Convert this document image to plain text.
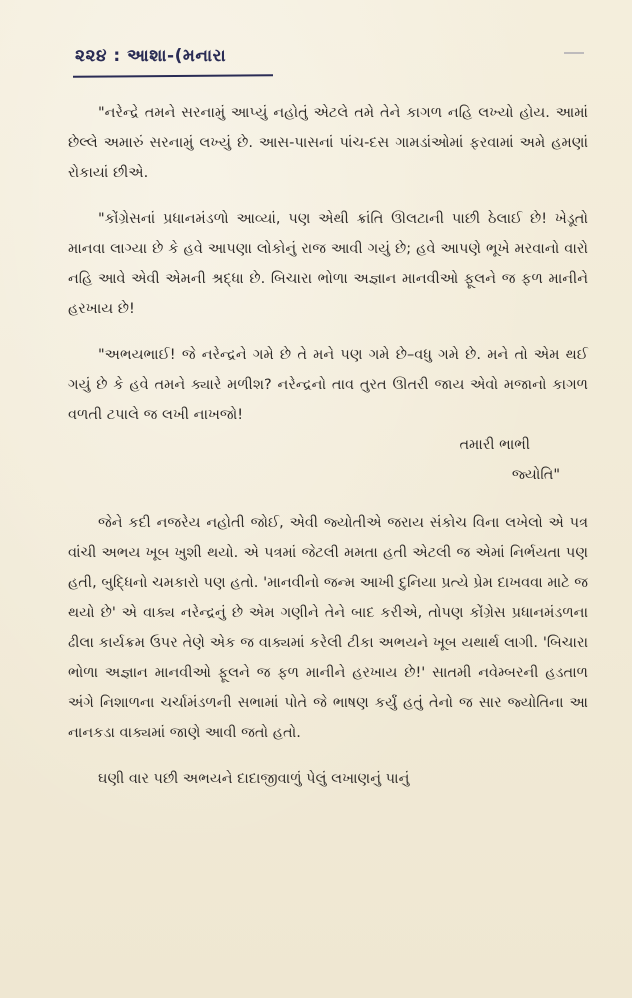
૨૨૪ : આશા-(મનારા

"નરેન્દ્રે તમને સરનામું આપ્યું નહોતું એટલે તમે તેને કાગળ નહિ લખ્યો હોય. આમાં છેલ્લે અમારું સરનામું લખ્યું છે. આસ-પાસનાં પાંચ-દસ ગામડાંઓમાં ફરવામાં અમે હમણાં રોકાયાં છીએ.

"કોંગ્રેસનાં પ્રધાનમંડળો આવ્યાં, પણ એથી ક્રાંતિ ઊલટાની પાછી ઠેલાઈ છે! ખેડૂતો માનવા લાગ્યા છે કે હવે આપણા લોકોનું રાજ આવી ગયું છે; હવે આપણે ભૂખે મરવાનો વારો નહિ આવે એવી એમની શ્રદ્ધા છે. બિચારા ભોળા અજ્ઞાન માનવીઓ ફૂલને જ ફળ માનીને હરખાય છે!

"અભયભાઈ! જે નરેન્દ્રને ગમે છે તે મને પણ ગમે છે–વધુ ગમે છે. મને તો એમ થઈ ગયું છે કે હવે તમને ક્યારે મળીશ? નરેન્દ્રનો તાવ તુરત ઊતરી જાય એવો મજાનો કાગળ વળતી ટપાલે જ લખી નાખજો!

તમારી ભાભી
જ્યોતિ"

જેને કદી નજરેય નહોતી જોઈ, એવી જ્યોતીએ જરાય સંકોચ વિના લખેલો એ પત્ર વાંચી અભય ખૂબ ખુશી થયો. એ પત્રમાં જેટલી મમતા હતી એટલી જ એમાં નિર્ભયતા પણ હતી, બુદ્ધિનો ચમકારો પણ હતો. 'માનવીનો જન્મ આખી દુનિયા પ્રત્યે પ્રેમ દાખવવા માટે જ થયો છે' એ વાક્ય નરેન્દ્રનું છે એમ ગણીને તેને બાદ કરીએ, તોપણ કોંગ્રેસ પ્રધાનમંડળના ઢીલા કાર્યક્રમ ઉપર તેણે એક જ વાક્યમાં કરેલી ટીકા અભયને ખૂબ યથાર્થ લાગી. 'બિચારા ભોળા અજ્ઞાન માનવીઓ ફૂલને જ ફળ માનીને હરખાય છે!' સાતમી નવેમ્બરની હડતાળ અંગે નિશાળના ચર્ચામંડળની સભામાં પોતે જે ભાષણ કર્યું હતું તેનો જ સાર જ્યોતિના આ નાનકડા વાક્યમાં જાણે આવી જતો હતો.

ઘણી વાર પછી અભયને દાદાજીવાળું પેલું લખાણનું પાનું
